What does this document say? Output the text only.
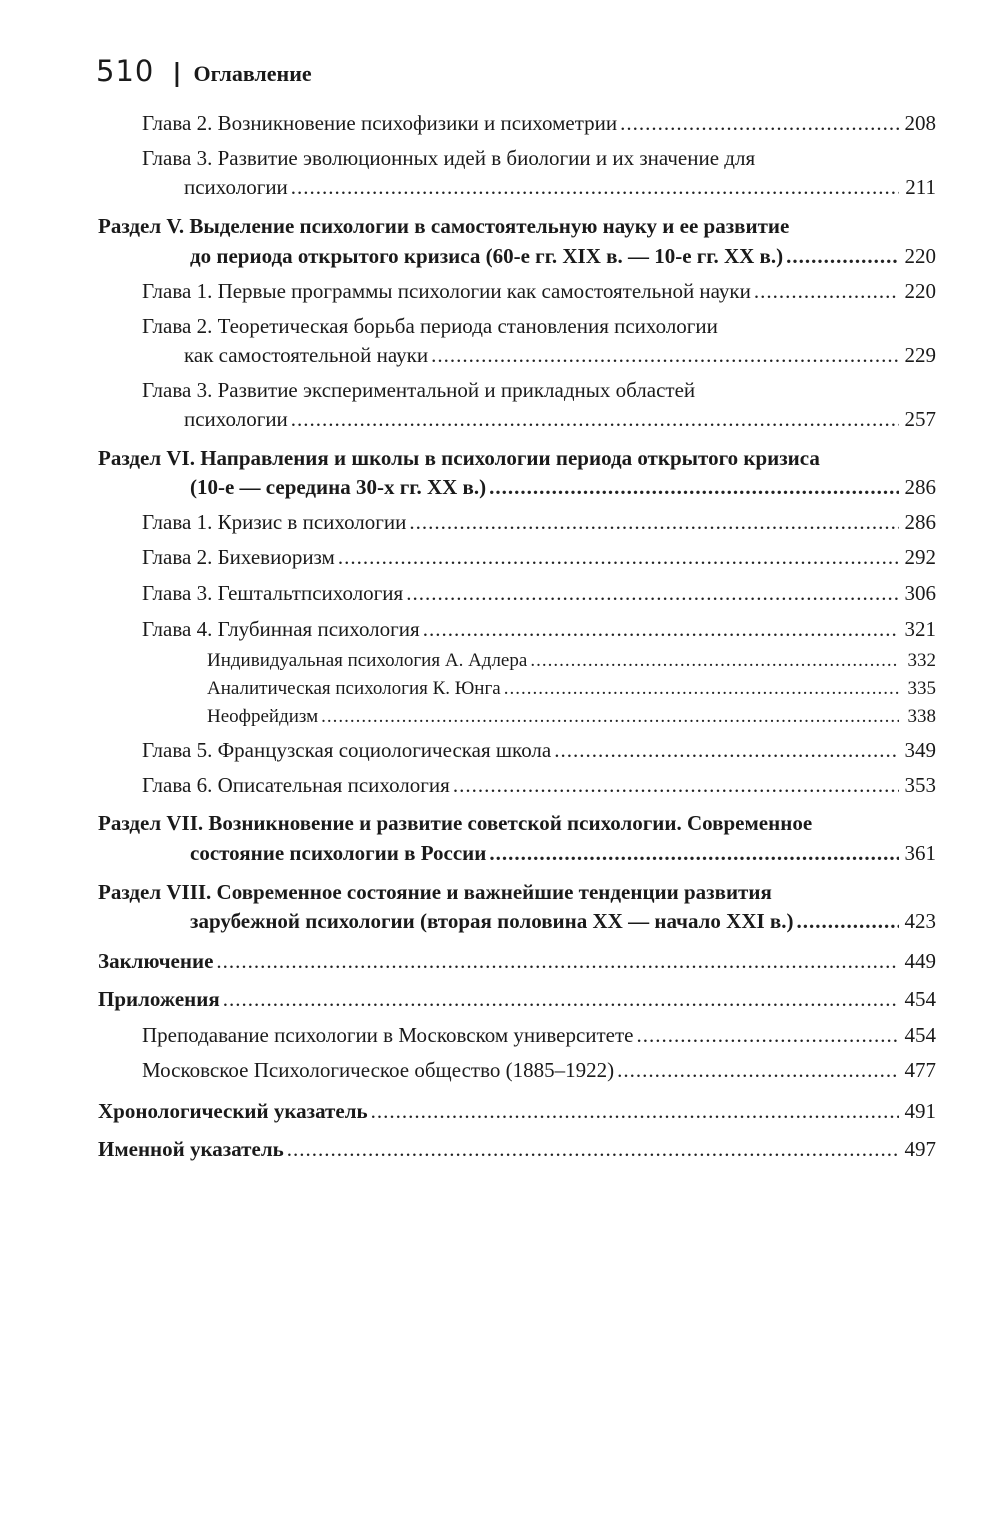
510 | Оглавление
Глава 2. Возникновение психофизики и психометрии .....	208
Глава 3. Развитие эволюционных идей в биологии и их значение для
психологии .....	211
Раздел V. Выделение психологии в самостоятельную науку и ее развитие
до периода открытого кризиса (60-е гг. XIX в. — 10-е гг. XX в.) .....	220
Глава 1. Первые программы психологии как самостоятельной науки .....	220
Глава 2. Теоретическая борьба периода становления психологии
как самостоятельной науки .....	229
Глава 3. Развитие экспериментальной и прикладных областей
психологии .....	257
Раздел VI. Направления и школы в психологии периода открытого кризиса
(10-е — середина 30-х гг. XX в.) .....	286
Глава 1. Кризис в психологии .....	286
Глава 2. Бихевиоризм .....	292
Глава 3. Гештальтпсихология .....	306
Глава 4. Глубинная психология .....	321
Индивидуальная психология А. Адлера .....	332
Аналитическая психология К. Юнга .....	335
Неофрейдизм .....	338
Глава 5. Французская социологическая школа .....	349
Глава 6. Описательная психология .....	353
Раздел VII. Возникновение и развитие советской психологии. Современное
состояние психологии в России .....	361
Раздел VIII. Современное состояние и важнейшие тенденции развития
зарубежной психологии (вторая половина XX — начало XXI в.) .....	423
Заключение .....	449
Приложения .....	454
Преподавание психологии в Московском университете .....	454
Московское Психологическое общество (1885–1922) .....	477
Хронологический указатель .....	491
Именной указатель .....	497
